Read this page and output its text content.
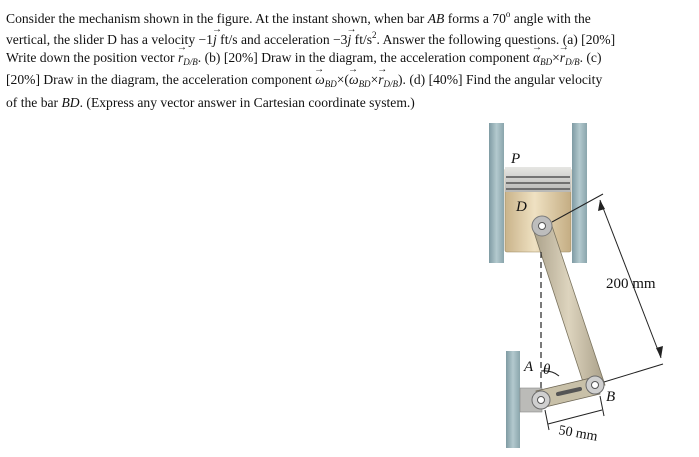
Consider the mechanism shown in the figure. At the instant shown, when bar AB forms a 70$^o$ angle with the
vertical, the slider D has a velocity −1→ j ft/s and acceleration −3→ j $ft/s^2$. Answer the following questions. (a) [20%]
Write down the position vector → $r_{D/B}$. (b) [20%] Draw in the diagram, the acceleration component → $\alpha_{BD}\times\to r_{D/B}$. (c)
[20%] Draw in the diagram, the acceleration component → $\omega_{BD}\times(\to \omega_{BD}\times\to r_{D/B})$. (d) [40%] Find the angular velocity
of the bar BD. (Express any vector answer in Cartesian coordinate system.)

P
D
A θ
B
200 mm
50 mm
